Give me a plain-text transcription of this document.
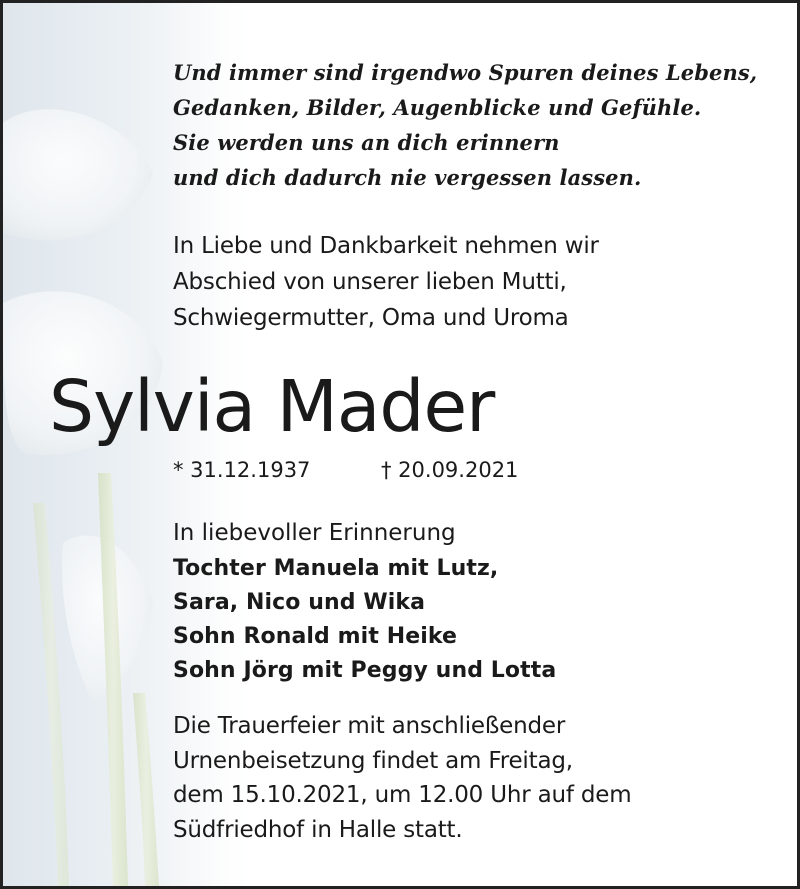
Und immer sind irgendwo Spuren deines Lebens,
Gedanken, Bilder, Augenblicke und Gefühle.
Sie werden uns an dich erinnern
und dich dadurch nie vergessen lassen.
In Liebe und Dankbarkeit nehmen wir
Abschied von unserer lieben Mutti,
Schwiegermutter, Oma und Uroma
Sylvia Mader
* 31.12.1937	† 20.09.2021
In liebevoller Erinnerung
Tochter Manuela mit Lutz,
Sara, Nico und Wika
Sohn Ronald mit Heike
Sohn Jörg mit Peggy und Lotta
Die Trauerfeier mit anschließender
Urnenbeisetzung findet am Freitag,
dem 15.10.2021, um 12.00 Uhr auf dem
Südfriedhof in Halle statt.
